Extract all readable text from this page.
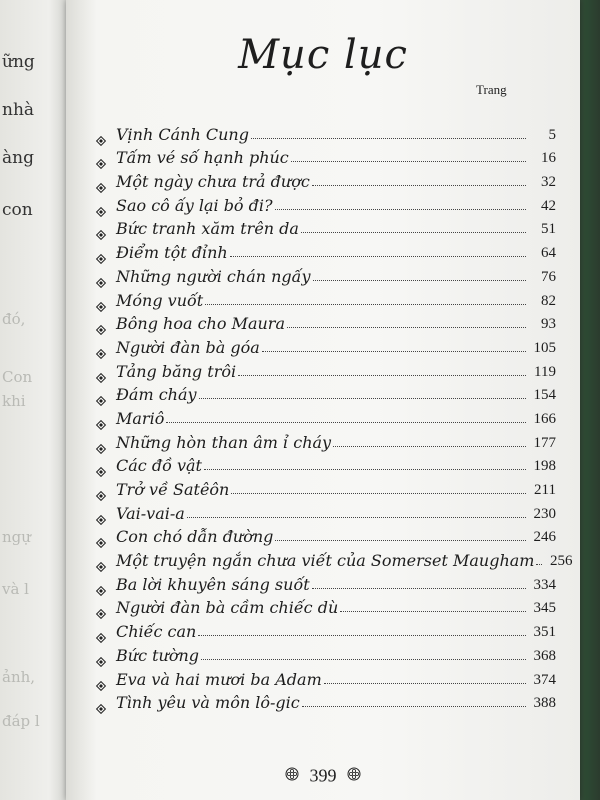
ững
nhà
àng
con
đó,
Con
khi
ngự
và l
ảnh,
đáp l
Mục lục
Trang
Vịnh Cánh Cung	5
Tấm vé số hạnh phúc	16
Một ngày chưa trả được	32
Sao cô ấy lại bỏ đi?	42
Bức tranh xăm trên da	51
Điểm tột đỉnh	64
Những người chán ngấy	76
Móng vuốt	82
Bông hoa cho Maura	93
Người đàn bà góa	105
Tảng băng trôi	119
Đám cháy	154
Mariô	166
Những hòn than âm ỉ cháy	177
Các đồ vật	198
Trở về Satêôn	211
Vai-vai-a	230
Con chó dẫn đường	246
Một truyện ngắn chưa viết của Somerset Maugham	256
Ba lời khuyên sáng suốt	334
Người đàn bà cầm chiếc dù	345
Chiếc can	351
Bức tường	368
Eva và hai mươi ba Adam	374
Tình yêu và môn lô-gic	388
399
